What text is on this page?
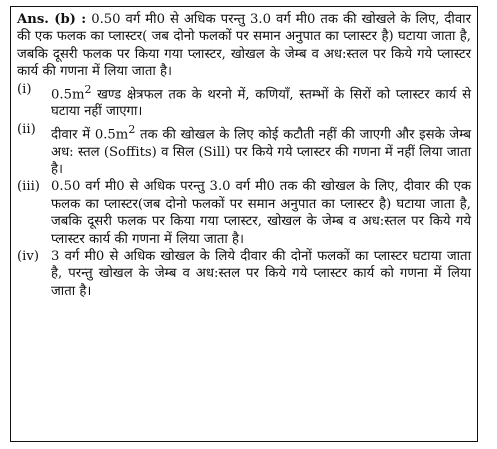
Ans. (b) : 0.50 वर्ग मी0 से अधिक परन्तु 3.0 वर्ग मी0 तक की खोखले के लिए, दीवार की एक फलक का प्लास्टर( जब दोनो फलकों पर समान अनुपात का प्लास्टर है) घटाया जाता है, जबकि दूसरी फलक पर किया गया प्लास्टर, खोखल के जेम्ब व अध:स्तल पर किये गये प्लास्टर कार्य की गणना में लिया जाता है।
(i)	$0.5m^2$ खण्ड क्षेत्रफल तक के थरनो में, कणियाँ, स्तम्भों के सिरों को प्लास्टर कार्य से घटाया नहीं जाएगा।
(ii)	दीवार में $0.5m^2$ तक की खोखल के लिए कोई कटौती नहीं की जाएगी और इसके जेम्ब अध: स्तल (Soffits) व सिल (Sill) पर किये गये प्लास्टर की गणना में नहीं लिया जाता है।
(iii) 0.50 वर्ग मी0 से अधिक परन्तु 3.0 वर्ग मी0 तक की खोखल के लिए, दीवार की एक फलक का प्लास्टर(जब दोनो फलकों पर समान अनुपात का प्लास्टर है) घटाया जाता है, जबकि दूसरी फलक पर किया गया प्लास्टर, खोखल के जेम्ब व अध:स्तल पर किये गये प्लास्टर कार्य की गणना में लिया जाता है।
(iv) 3 वर्ग मी0 से अधिक खोखल के लिये दीवार की दोनों फलकों का प्लास्टर घटाया जाता है, परन्तु खोखल के जेम्ब व अध:स्तल पर किये गये प्लास्टर कार्य को गणना में लिया जाता है।
